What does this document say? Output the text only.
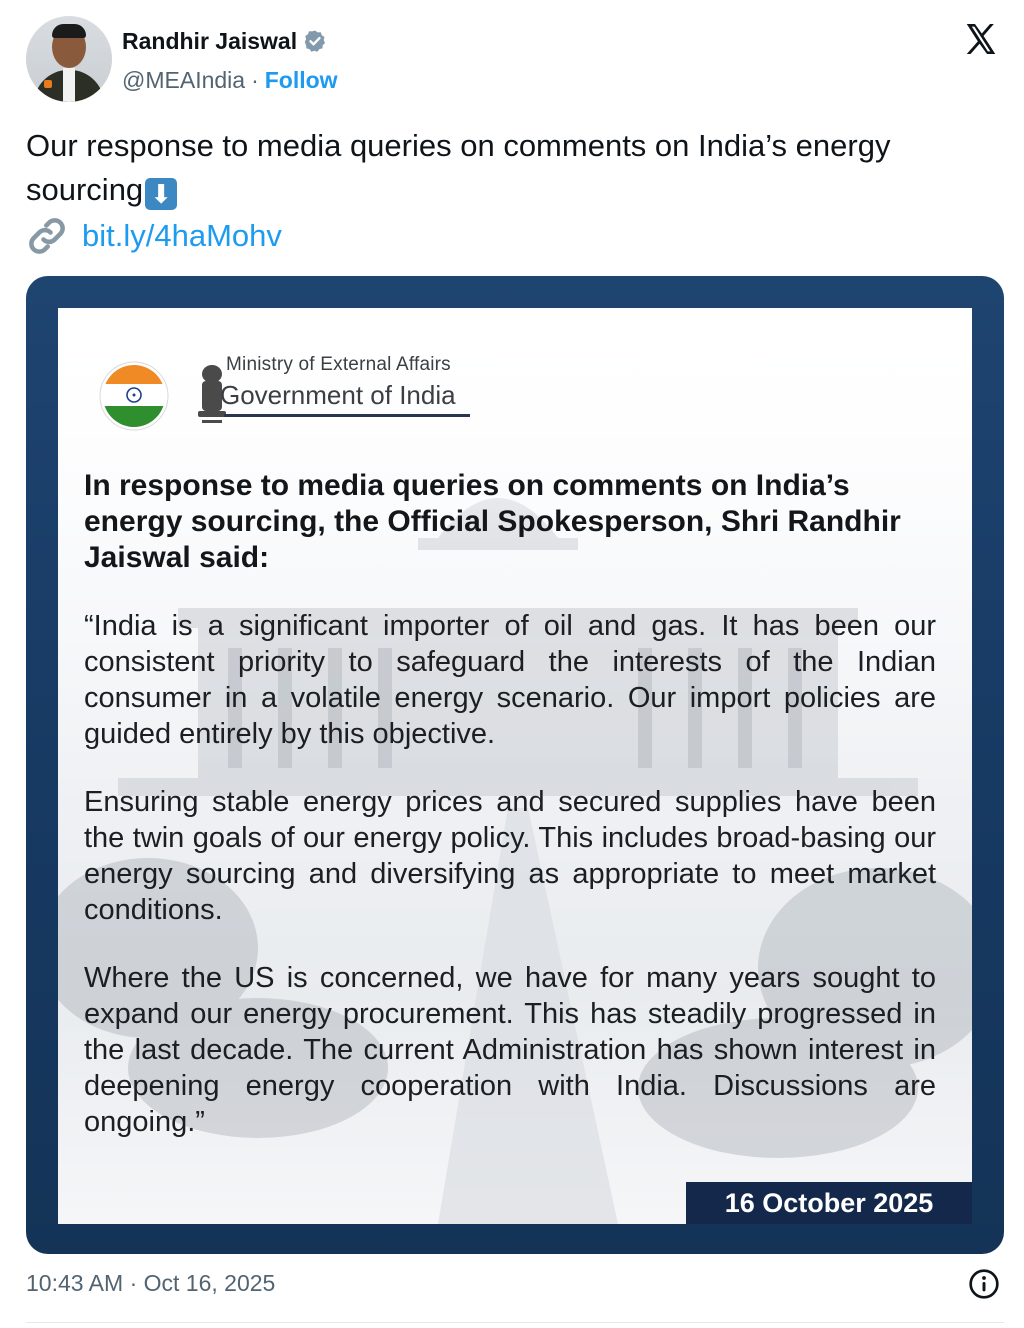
Randhir Jaiswal
@MEAIndia · Follow
Our response to media queries on comments on India’s energy sourcing ⬇
bit.ly/4haMohv
Ministry of External Affairs
Government of India
In response to media queries on comments on India’s energy sourcing, the Official Spokesperson, Shri Randhir Jaiswal said:
“India is a significant importer of oil and gas. It has been our consistent priority to safeguard the interests of the Indian consumer in a volatile energy scenario. Our import policies are guided entirely by this objective.
Ensuring stable energy prices and secured supplies have been the twin goals of our energy policy. This includes broad-basing our energy sourcing and diversifying as appropriate to meet market conditions.
Where the US is concerned, we have for many years sought to expand our energy procurement. This has steadily progressed in the last decade. The current Administration has shown interest in deepening energy cooperation with India. Discussions are ongoing.”
16 October 2025
10:43 AM · Oct 16, 2025
